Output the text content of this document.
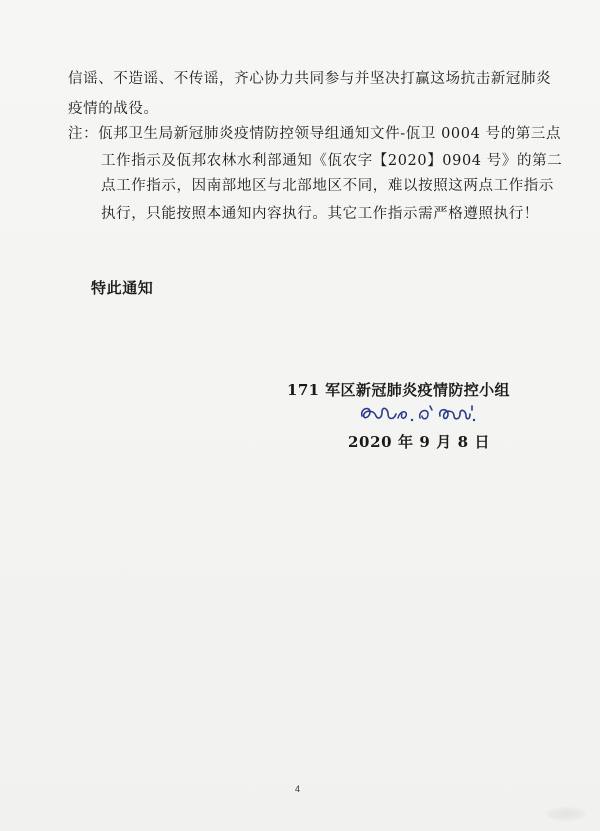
信谣、不造谣、不传谣，齐心协力共同参与并坚决打赢这场抗击新冠肺炎
疫情的战役。
注：佤邦卫生局新冠肺炎疫情防控领导组通知文件-佤卫 0004 号的第三点
工作指示及佤邦农林水利部通知《佤农字【2020】0904 号》的第二
点工作指示，因南部地区与北部地区不同，难以按照这两点工作指示
执行，只能按照本通知内容执行。其它工作指示需严格遵照执行！
特此通知
171 军区新冠肺炎疫情防控小组
2020 年 9 月 8 日
4
